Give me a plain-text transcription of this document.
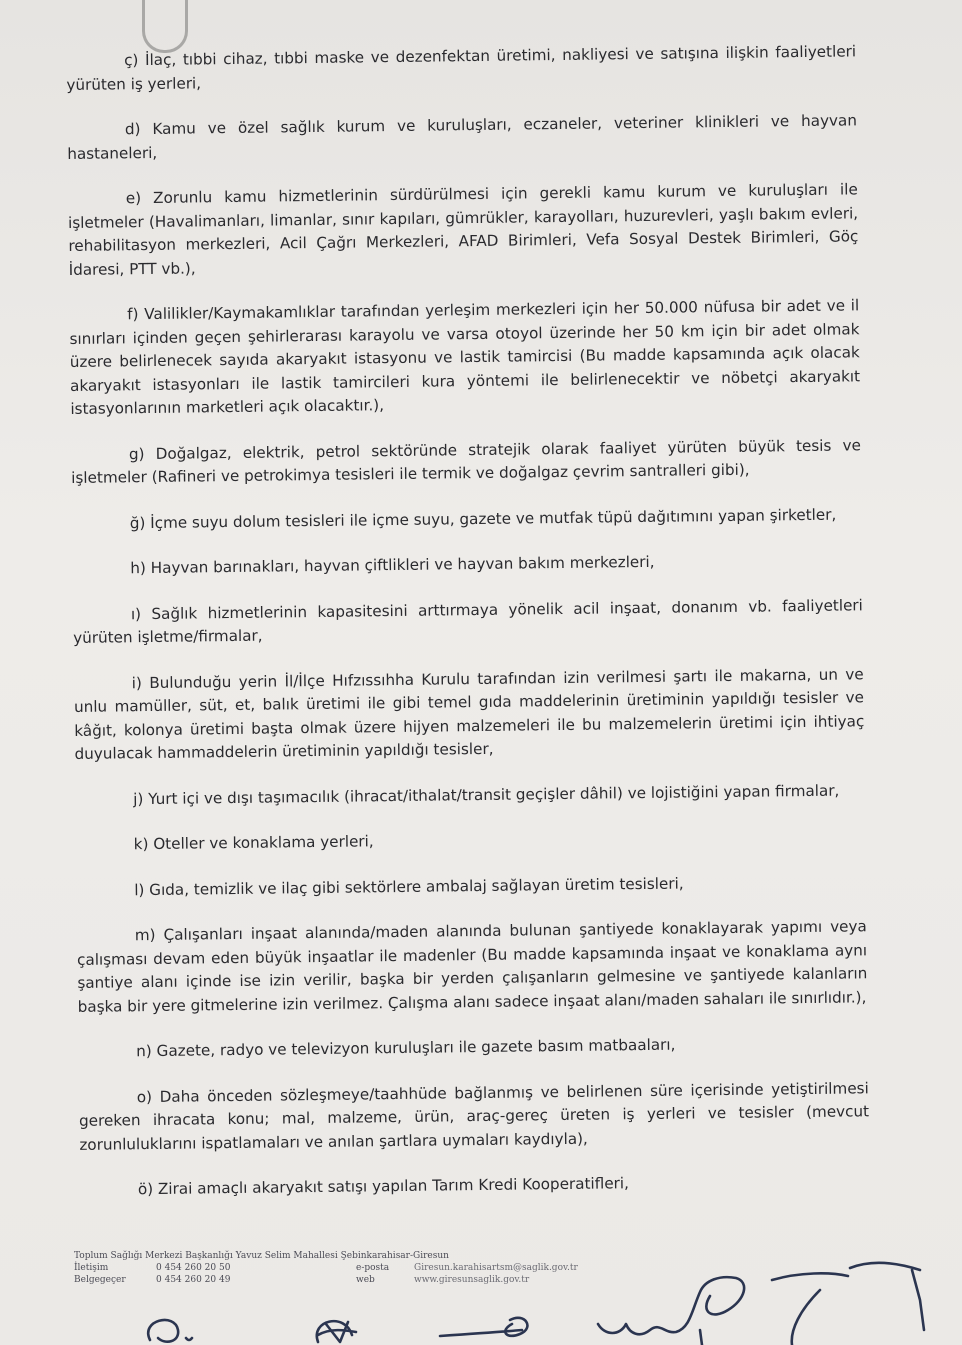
ç) İlaç, tıbbi cihaz, tıbbi maske ve dezenfektan üretimi, nakliyesi ve satışına ilişkin faaliyetleri yürüten iş yerleri,

d) Kamu ve özel sağlık kurum ve kuruluşları, eczaneler, veteriner klinikleri ve hayvan hastaneleri,

e) Zorunlu kamu hizmetlerinin sürdürülmesi için gerekli kamu kurum ve kuruluşları ile işletmeler (Havalimanları, limanlar, sınır kapıları, gümrükler, karayolları, huzurevleri, yaşlı bakım evleri, rehabilitasyon merkezleri, Acil Çağrı Merkezleri, AFAD Birimleri, Vefa Sosyal Destek Birimleri, Göç İdaresi, PTT vb.),

f) Valilikler/Kaymakamlıklar tarafından yerleşim merkezleri için her 50.000 nüfusa bir adet ve il sınırları içinden geçen şehirlerarası karayolu ve varsa otoyol üzerinde her 50 km için bir adet olmak üzere belirlenecek sayıda akaryakıt istasyonu ve lastik tamircisi (Bu madde kapsamında açık olacak akaryakıt istasyonları ile lastik tamircileri kura yöntemi ile belirlenecektir ve nöbetçi akaryakıt istasyonlarının marketleri açık olacaktır.),

g) Doğalgaz, elektrik, petrol sektöründe stratejik olarak faaliyet yürüten büyük tesis ve işletmeler (Rafineri ve petrokimya tesisleri ile termik ve doğalgaz çevrim santralleri gibi),

ğ) İçme suyu dolum tesisleri ile içme suyu, gazete ve mutfak tüpü dağıtımını yapan şirketler,

h) Hayvan barınakları, hayvan çiftlikleri ve hayvan bakım merkezleri,

ı) Sağlık hizmetlerinin kapasitesini arttırmaya yönelik acil inşaat, donanım vb. faaliyetleri yürüten işletme/firmalar,

i) Bulunduğu yerin İl/İlçe Hıfzıssıhha Kurulu tarafından izin verilmesi şartı ile makarna, un ve unlu mamüller, süt, et, balık üretimi ile gibi temel gıda maddelerinin üretiminin yapıldığı tesisler ve kâğıt, kolonya üretimi başta olmak üzere hijyen malzemeleri ile bu malzemelerin üretimi için ihtiyaç duyulacak hammaddelerin üretiminin yapıldığı tesisler,

j) Yurt içi ve dışı taşımacılık (ihracat/ithalat/transit geçişler dâhil) ve lojistiğini yapan firmalar,

k) Oteller ve konaklama yerleri,

l) Gıda, temizlik ve ilaç gibi sektörlere ambalaj sağlayan üretim tesisleri,

m) Çalışanları inşaat alanında/maden alanında bulunan şantiyede konaklayarak yapımı veya çalışması devam eden büyük inşaatlar ile madenler (Bu madde kapsamında inşaat ve konaklama aynı şantiye alanı içinde ise izin verilir, başka bir yerden çalışanların gelmesine ve şantiyede kalanların başka bir yere gitmelerine izin verilmez. Çalışma alanı sadece inşaat alanı/maden sahaları ile sınırlıdır.),

n) Gazete, radyo ve televizyon kuruluşları ile gazete basım matbaaları,

o) Daha önceden sözleşmeye/taahhüde bağlanmış ve belirlenen süre içerisinde yetiştirilmesi gereken ihracata konu; mal, malzeme, ürün, araç-gereç üreten iş yerleri ve tesisler (mevcut zorunluluklarını ispatlamaları ve anılan şartlara uymaları kaydıyla),

ö) Zirai amaçlı akaryakıt satışı yapılan Tarım Kredi Kooperatifleri,

Toplum Sağlığı Merkezi Başkanlığı Yavuz Selim Mahallesi Şebinkarahisar-Giresun
İletişim	0 454 260 20 50	e-posta	Giresun.karahisartsm@saglik.gov.tr
Belgegeçer	0 454 260 20 49	web	www.giresunsaglik.gov.tr
